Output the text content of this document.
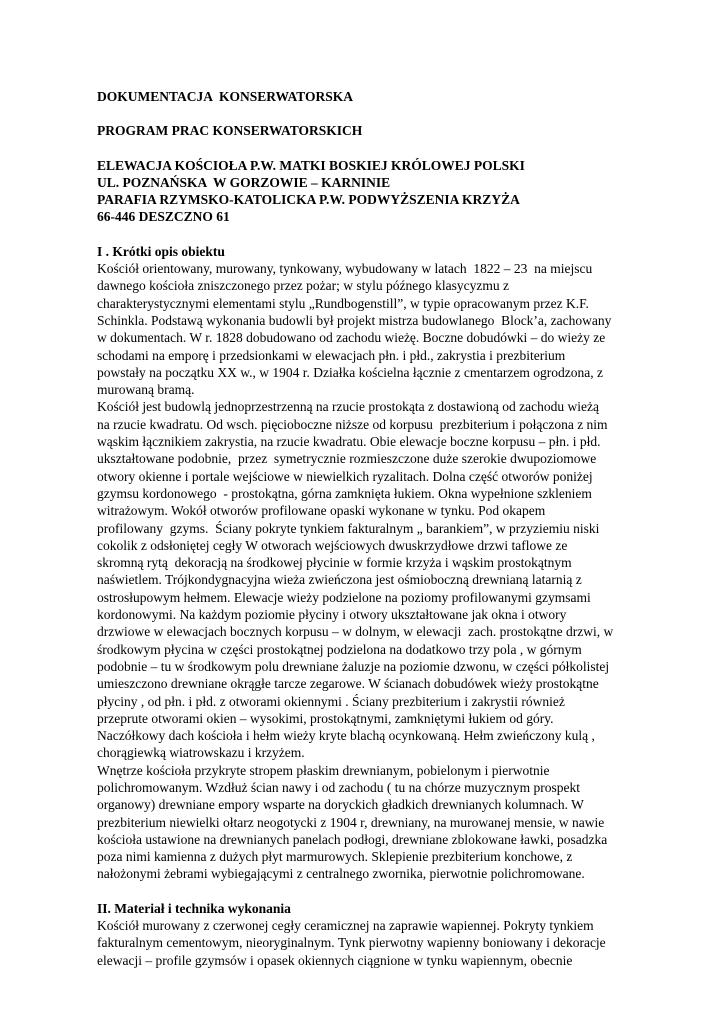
DOKUMENTACJA  KONSERWATORSKA
PROGRAM PRAC KONSERWATORSKICH
ELEWACJA KOŚCIOŁA P.W. MATKI BOSKIEJ KRÓLOWEJ POLSKI
UL. POZNAŃSKA  W GORZOWIE – KARNINIE
PARAFIA RZYMSKO-KATOLICKA P.W. PODWYŻSZENIA KRZYŻA
66-446 DESZCZNO 61
I . Krótki opis obiektu
Kościół orientowany, murowany, tynkowany, wybudowany w latach  1822 – 23  na miejscu
dawnego kościoła zniszczonego przez pożar; w stylu późnego klasycyzmu z
charakterystycznymi elementami stylu „Rundbogenstill”, w typie opracowanym przez K.F.
Schinkla. Podstawą wykonania budowli był projekt mistrza budowlanego  Block’a, zachowany
w dokumentach. W r. 1828 dobudowano od zachodu wieżę. Boczne dobudówki – do wieży ze
schodami na emporę i przedsionkami w elewacjach płn. i płd., zakrystia i prezbiterium
powstały na początku XX w., w 1904 r. Działka kościelna łącznie z cmentarzem ogrodzona, z
murowaną bramą.
Kościół jest budowlą jednoprzestrzenną na rzucie prostokąta z dostawioną od zachodu wieżą
na rzucie kwadratu. Od wsch. pięcioboczne niższe od korpusu  prezbiterium i połączona z nim
wąskim łącznikiem zakrystia, na rzucie kwadratu. Obie elewacje boczne korpusu – płn. i płd.
ukształtowane podobnie,  przez  symetrycznie rozmieszczone duże szerokie dwupoziomowe
otwory okienne i portale wejściowe w niewielkich ryzalitach. Dolna część otworów poniżej
gzymsu kordonowego  - prostokątna, górna zamknięta łukiem. Okna wypełnione szkleniem
witrażowym. Wokół otworów profilowane opaski wykonane w tynku. Pod okapem
profilowany  gzyms.  Ściany pokryte tynkiem fakturalnym „ barankiem”, w przyziemiu niski
cokolik z odsłoniętej cegły W otworach wejściowych dwuskrzydłowe drzwi taflowe ze
skromną rytą  dekoracją na środkowej płycinie w formie krzyża i wąskim prostokątnym
naświetlem. Trójkondygnacyjna wieża zwieńczona jest ośmioboczną drewnianą latarnią z
ostrosłupowym hełmem. Elewacje wieży podzielone na poziomy profilowanymi gzymsami
kordonowymi. Na każdym poziomie płyciny i otwory ukształtowane jak okna i otwory
drzwiowe w elewacjach bocznych korpusu – w dolnym, w elewacji  zach. prostokątne drzwi, w
środkowym płycina w części prostokątnej podzielona na dodatkowo trzy pola , w górnym
podobnie – tu w środkowym polu drewniane żaluzje na poziomie dzwonu, w części półkolistej
umieszczono drewniane okrągłe tarcze zegarowe. W ścianach dobudówek wieży prostokątne
płyciny , od płn. i płd. z otworami okiennymi . Ściany prezbiterium i zakrystii również
przeprute otworami okien – wysokimi, prostokątnymi, zamkniętymi łukiem od góry.
Naczółkowy dach kościoła i hełm wieży kryte blachą ocynkowaną. Hełm zwieńczony kulą ,
chorągiewką wiatrowskazu i krzyżem.
Wnętrze kościoła przykryte stropem płaskim drewnianym, pobielonym i pierwotnie
polichromowanym. Wzdłuż ścian nawy i od zachodu ( tu na chórze muzycznym prospekt
organowy) drewniane empory wsparte na doryckich gładkich drewnianych kolumnach. W
prezbiterium niewielki ołtarz neogotycki z 1904 r, drewniany, na murowanej mensie, w nawie
kościoła ustawione na drewnianych panelach podłogi, drewniane zblokowane ławki, posadzka
poza nimi kamienna z dużych płyt marmurowych. Sklepienie prezbiterium konchowe, z
nałożonymi żebrami wybiegającymi z centralnego zwornika, pierwotnie polichromowane.
II. Materiał i technika wykonania
Kościół murowany z czerwonej cegły ceramicznej na zaprawie wapiennej. Pokryty tynkiem
fakturalnym cementowym, nieoryginalnym. Tynk pierwotny wapienny boniowany i dekoracje
elewacji – profile gzymsów i opasek okiennych ciągnione w tynku wapiennym, obecnie
